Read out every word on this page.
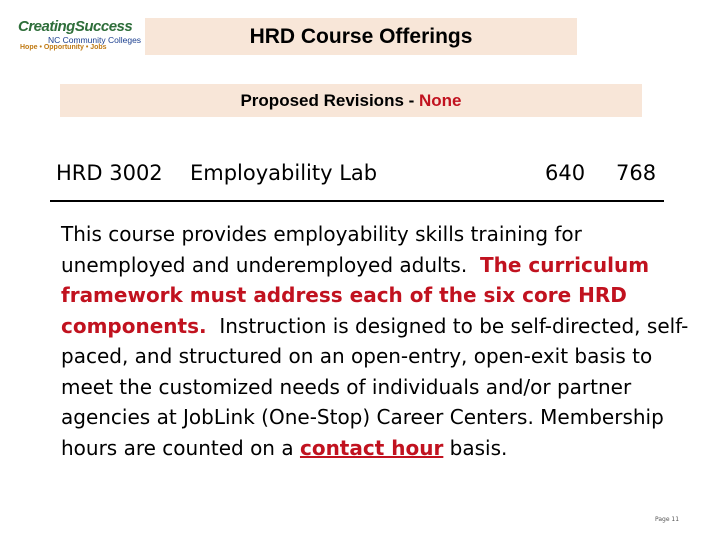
CreatingSuccess
NC Community Colleges
Hope • Opportunity • Jobs	HRD Course Offerings
Proposed Revisions - None
HRD 3002 Employability Lab	640 768
This course provides employability skills training for unemployed and underemployed adults.  The curriculum framework must address each of the six core HRD components.  Instruction is designed to be self-directed, self-paced, and structured on an open-entry, open-exit basis to meet the customized needs of individuals and/or partner agencies at JobLink (One-Stop) Career Centers. Membership hours are counted on a contact hour basis.
Page 11
